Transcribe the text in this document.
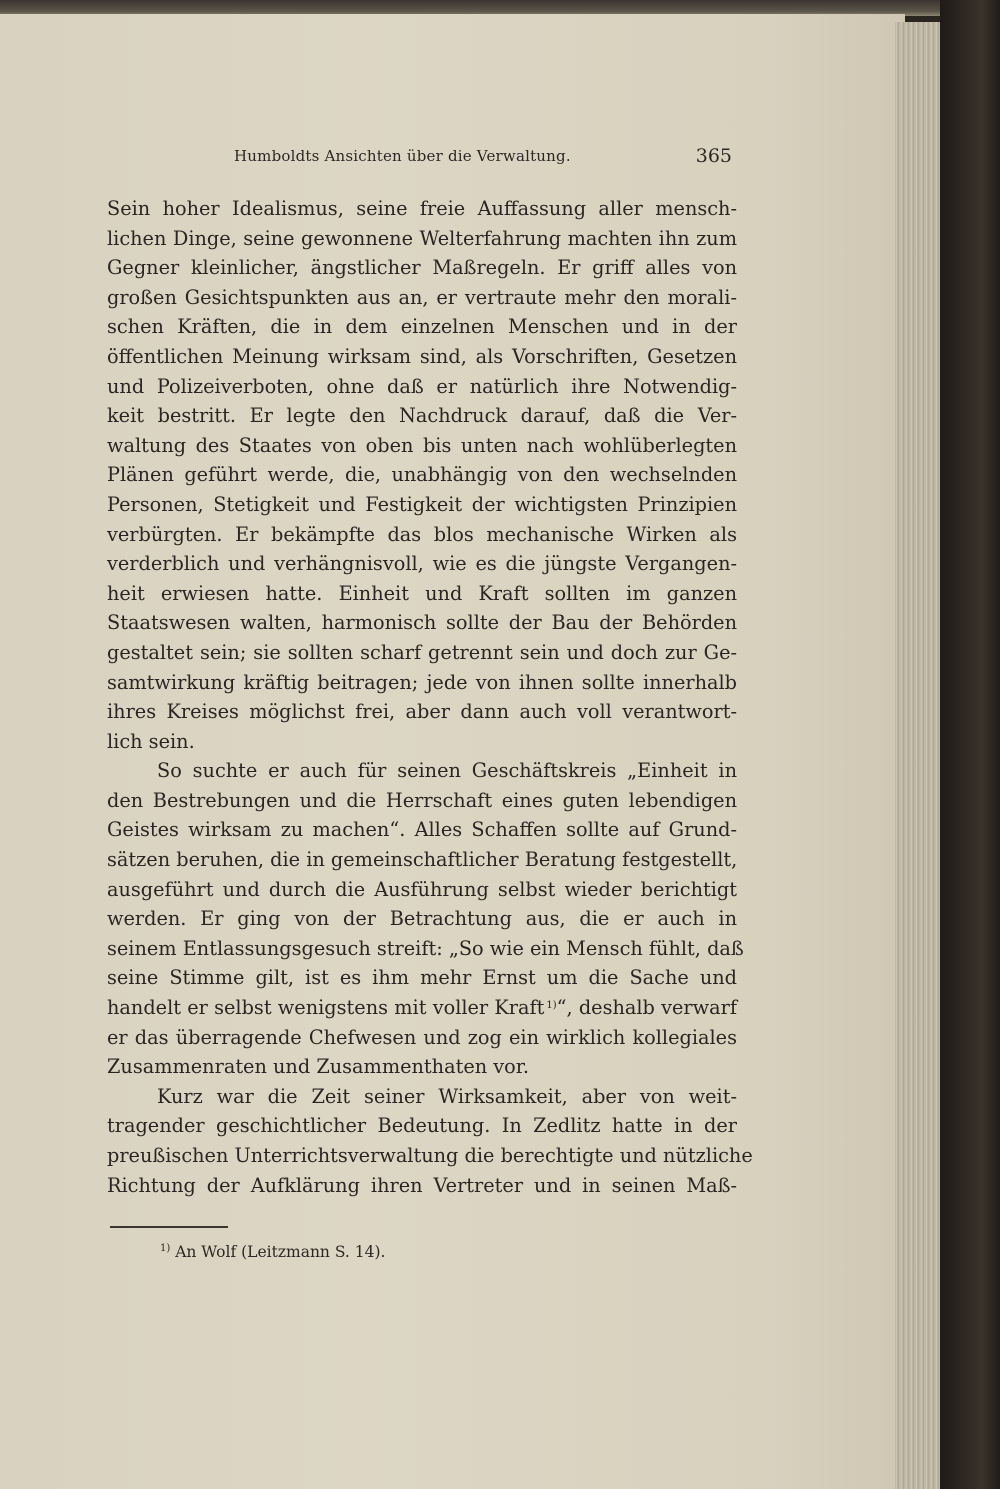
Humboldts Ansichten über die Verwaltung.	365
Sein hoher Idealismus, seine freie Auffassung aller mensch-
lichen Dinge, seine gewonnene Welterfahrung machten ihn zum
Gegner kleinlicher, ängstlicher Maßregeln. Er griff alles von
großen Gesichtspunkten aus an, er vertraute mehr den morali-
schen Kräften, die in dem einzelnen Menschen und in der
öffentlichen Meinung wirksam sind, als Vorschriften, Gesetzen
und Polizeiverboten, ohne daß er natürlich ihre Notwendig-
keit bestritt. Er legte den Nachdruck darauf, daß die Ver-
waltung des Staates von oben bis unten nach wohlüberlegten
Plänen geführt werde, die, unabhängig von den wechselnden
Personen, Stetigkeit und Festigkeit der wichtigsten Prinzipien
verbürgten. Er bekämpfte das blos mechanische Wirken als
verderblich und verhängnisvoll, wie es die jüngste Vergangen-
heit erwiesen hatte. Einheit und Kraft sollten im ganzen
Staatswesen walten, harmonisch sollte der Bau der Behörden
gestaltet sein; sie sollten scharf getrennt sein und doch zur Ge-
samtwirkung kräftig beitragen; jede von ihnen sollte innerhalb
ihres Kreises möglichst frei, aber dann auch voll verantwort-
lich sein.
So suchte er auch für seinen Geschäftskreis „Einheit in
den Bestrebungen und die Herrschaft eines guten lebendigen
Geistes wirksam zu machen“. Alles Schaffen sollte auf Grund-
sätzen beruhen, die in gemeinschaftlicher Beratung festgestellt,
ausgeführt und durch die Ausführung selbst wieder berichtigt
werden. Er ging von der Betrachtung aus, die er auch in
seinem Entlassungsgesuch streift: „So wie ein Mensch fühlt, daß
seine Stimme gilt, ist es ihm mehr Ernst um die Sache und
handelt er selbst wenigstens mit voller Kraft  $^{1)}$“, deshalb verwarf
er das überragende Chefwesen und zog ein wirklich kollegiales
Zusammenraten und Zusammenthaten vor.
Kurz war die Zeit seiner Wirksamkeit, aber von weit-
tragender geschichtlicher Bedeutung. In Zedlitz hatte in der
preußischen Unterrichtsverwaltung die berechtigte und nützliche
Richtung der Aufklärung ihren Vertreter und in seinen Maß-
$^{1)}$ An Wolf (Leitzmann S. 14).
